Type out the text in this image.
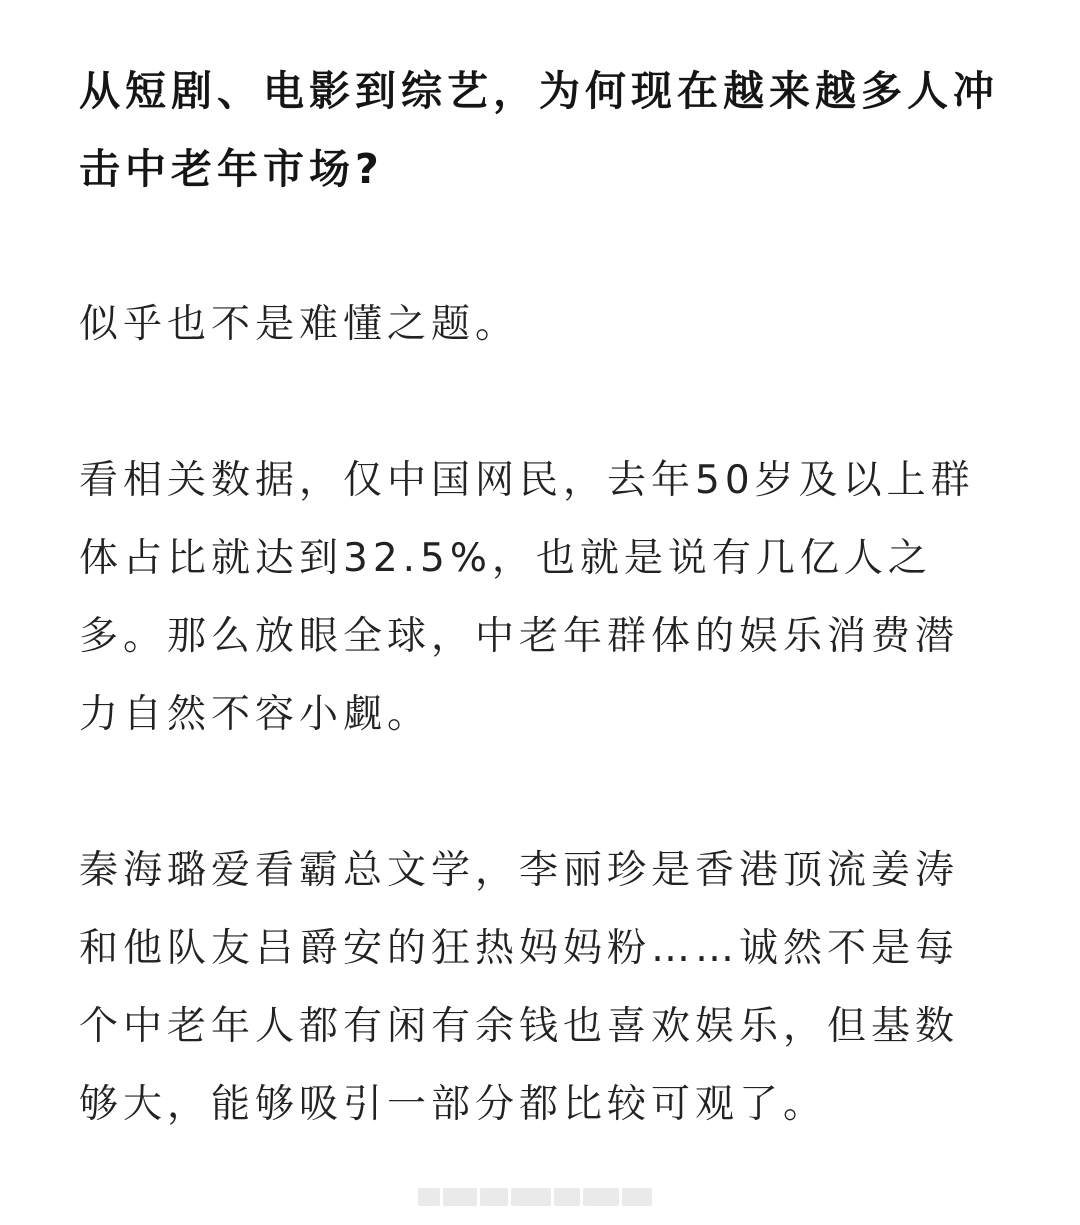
从短剧、电影到综艺，为何现在越来越多人冲击中老年市场?

似乎也不是难懂之题。

看相关数据，仅中国网民，去年50岁及以上群体占比就达到32.5%，也就是说有几亿人之多。那么放眼全球，中老年群体的娱乐消费潜力自然不容小觑。

秦海璐爱看霸总文学，李丽珍是香港顶流姜涛和他队友吕爵安的狂热妈妈粉……诚然不是每个中老年人都有闲有余钱也喜欢娱乐，但基数够大，能够吸引一部分都比较可观了。
